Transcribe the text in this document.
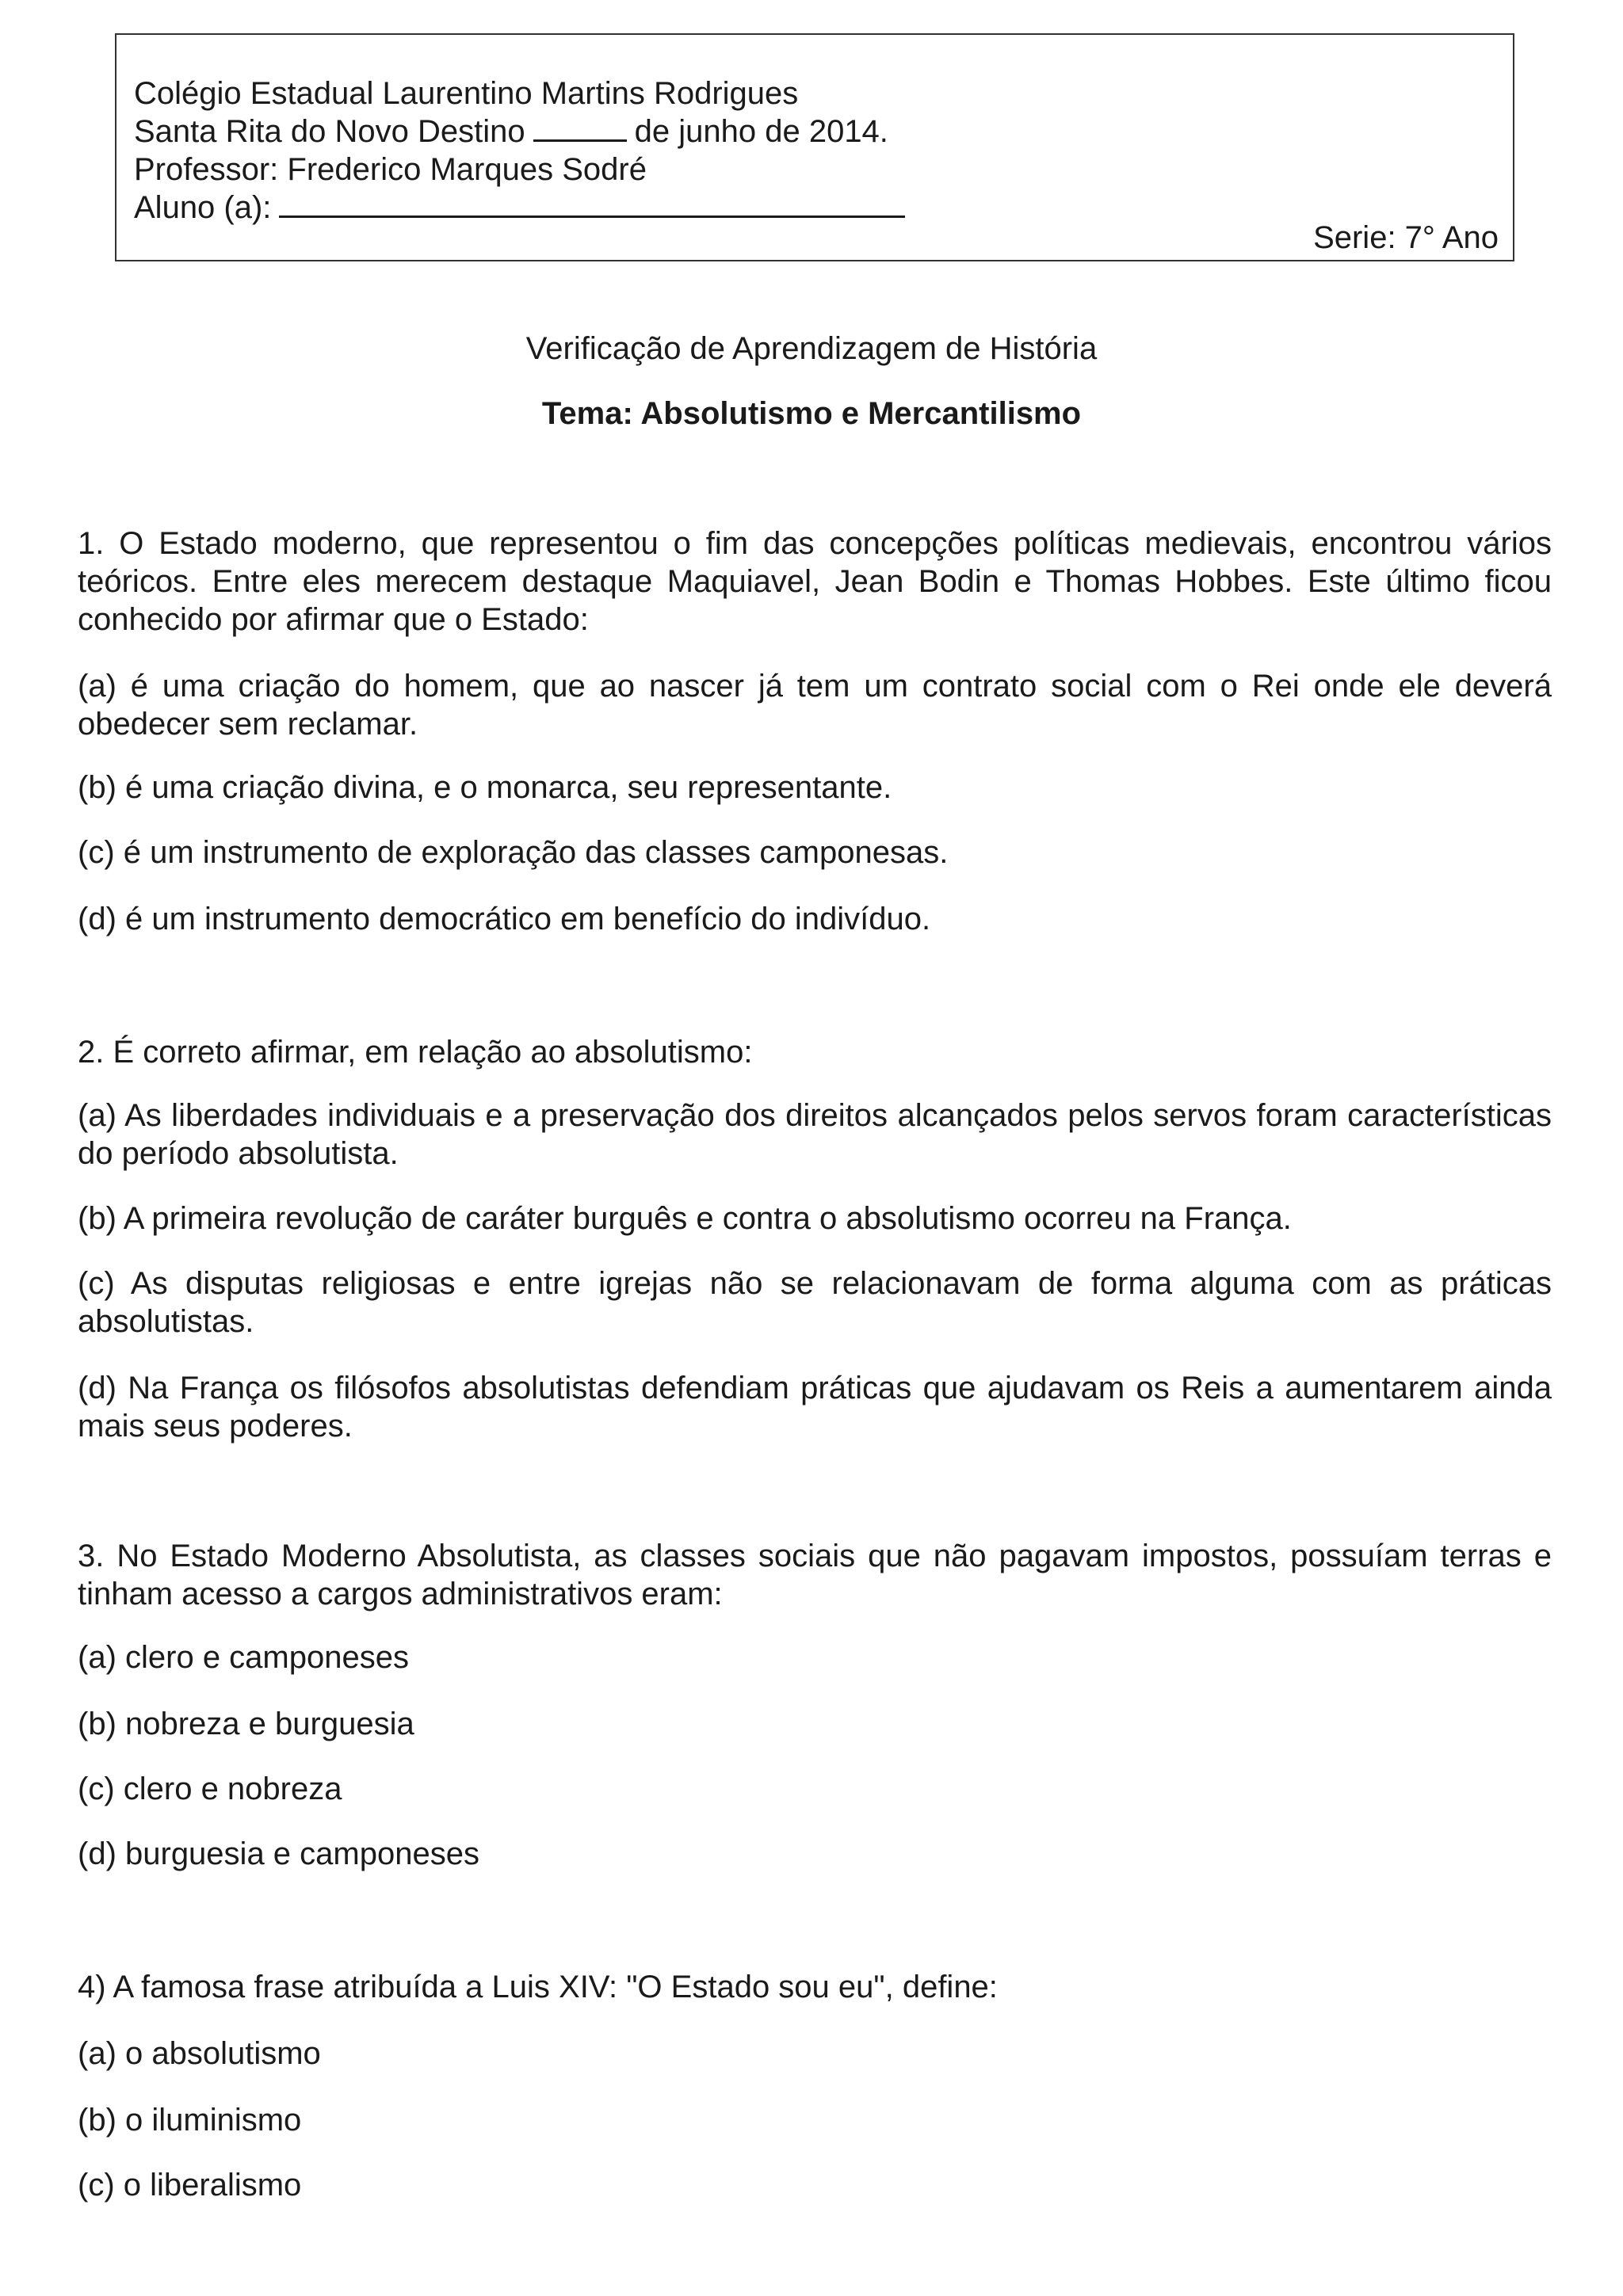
Colégio Estadual Laurentino Martins Rodrigues
Santa Rita do Novo Destino	de junho de 2014.
Professor: Frederico Marques Sodré
Aluno (a):
Serie: 7° Ano
Verificação de Aprendizagem de História
Tema: Absolutismo e Mercantilismo
1. O Estado moderno, que representou o fim das concepções políticas medievais, encontrou vários teóricos. Entre eles merecem destaque Maquiavel, Jean Bodin e Thomas Hobbes. Este último ficou conhecido por afirmar que o Estado:
(a) é uma criação do homem, que ao nascer já tem um contrato social com o Rei onde ele deverá obedecer sem reclamar.
(b) é uma criação divina, e o monarca, seu representante.
(c) é um instrumento de exploração das classes camponesas.
(d) é um instrumento democrático em benefício do indivíduo.
2. É correto afirmar, em relação ao absolutismo:
(a) As liberdades individuais e a preservação dos direitos alcançados pelos servos foram características do período absolutista.
(b) A primeira revolução de caráter burguês e contra o absolutismo ocorreu na França.
(c) As disputas religiosas e entre igrejas não se relacionavam de forma alguma com as práticas absolutistas.
(d) Na França os filósofos absolutistas defendiam práticas que ajudavam os Reis a aumentarem ainda mais seus poderes.
3. No Estado Moderno Absolutista, as classes sociais que não pagavam impostos, possuíam terras e tinham acesso a cargos administrativos eram:
(a) clero e camponeses
(b) nobreza e burguesia
(c) clero e nobreza
(d) burguesia e camponeses
4) A famosa frase atribuída a Luis XIV: "O Estado sou eu", define:
(a) o absolutismo
(b) o iluminismo
(c) o liberalismo
